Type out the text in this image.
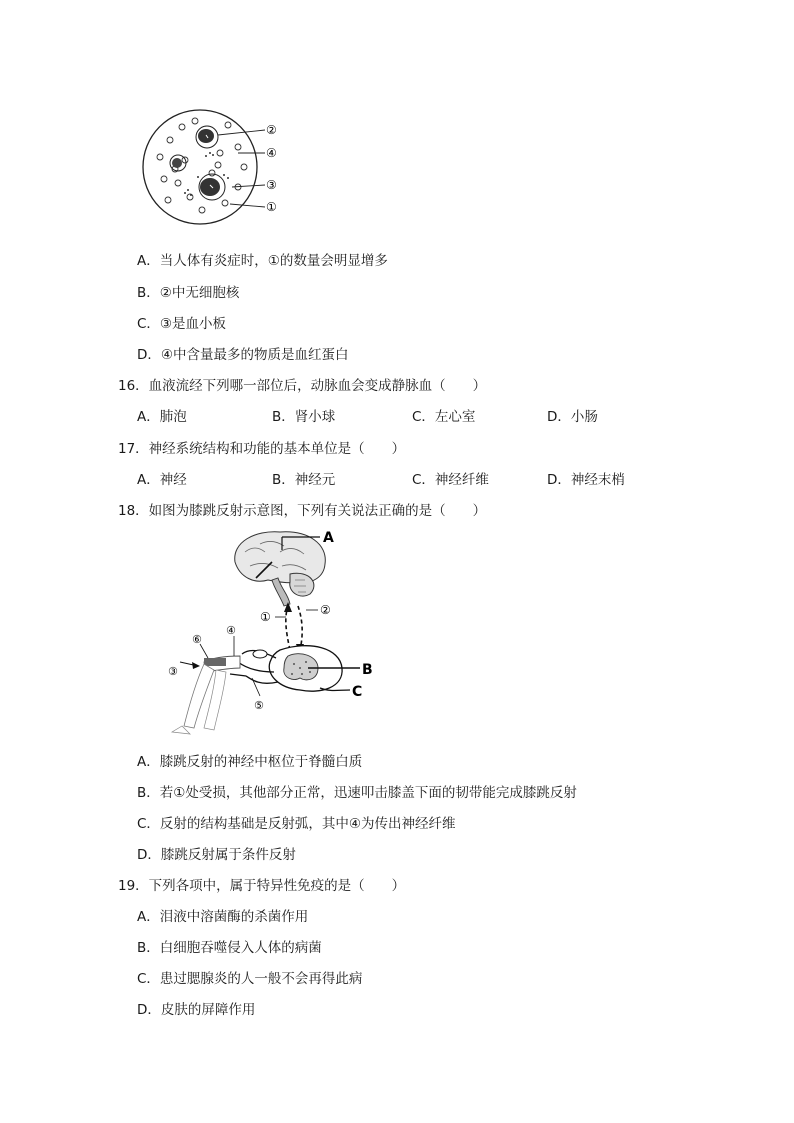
②
④
③
①
A．当人体有炎症时，①的数量会明显增多
B．②中无细胞核
C．③是血小板
D．④中含量最多的物质是血红蛋白
16．血液流经下列哪一部位后，动脉血会变成静脉血（　　）
A．肺泡	B．肾小球	C．左心室	D．小肠
17．神经系统结构和功能的基本单位是（　　）
A．神经	B．神经元	C．神经纤维	D．神经末梢
18．如图为膝跳反射示意图，下列有关说法正确的是（　　）
A
①	②
B
C
⑥
④
③
⑤
A．膝跳反射的神经中枢位于脊髓白质
B．若①处受损，其他部分正常，迅速叩击膝盖下面的韧带能完成膝跳反射
C．反射的结构基础是反射弧，其中④为传出神经纤维
D．膝跳反射属于条件反射
19．下列各项中，属于特异性免疫的是（　　）
A．泪液中溶菌酶的杀菌作用
B．白细胞吞噬侵入人体的病菌
C．患过腮腺炎的人一般不会再得此病
D．皮肤的屏障作用
